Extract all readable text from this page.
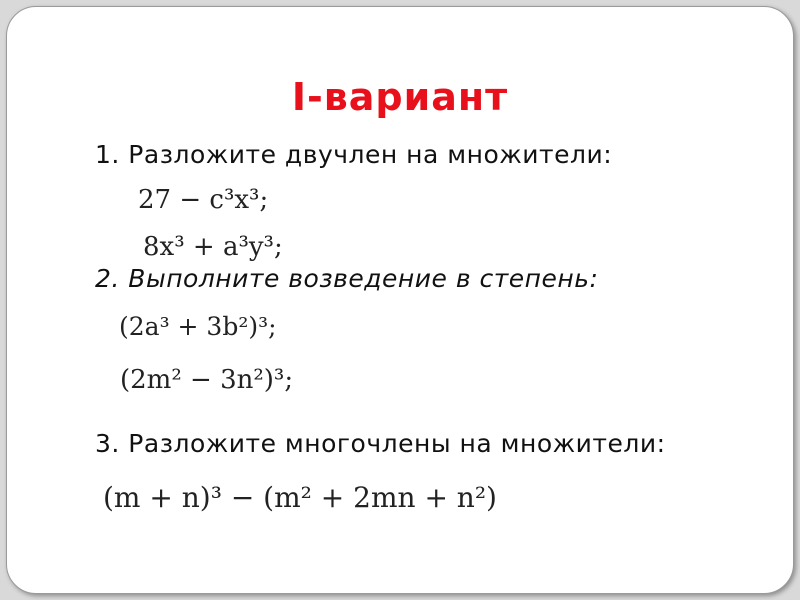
I-вариант
1. Разложите двучлен на множители:
27 − c³x³;
8x³ + a³y³;
2. Выполните возведение в степень:
(2a³ + 3b²)³;
(2m² − 3n²)³;
3. Разложите многочлены на множители:
(m + n)³ − (m² + 2mn + n²)
